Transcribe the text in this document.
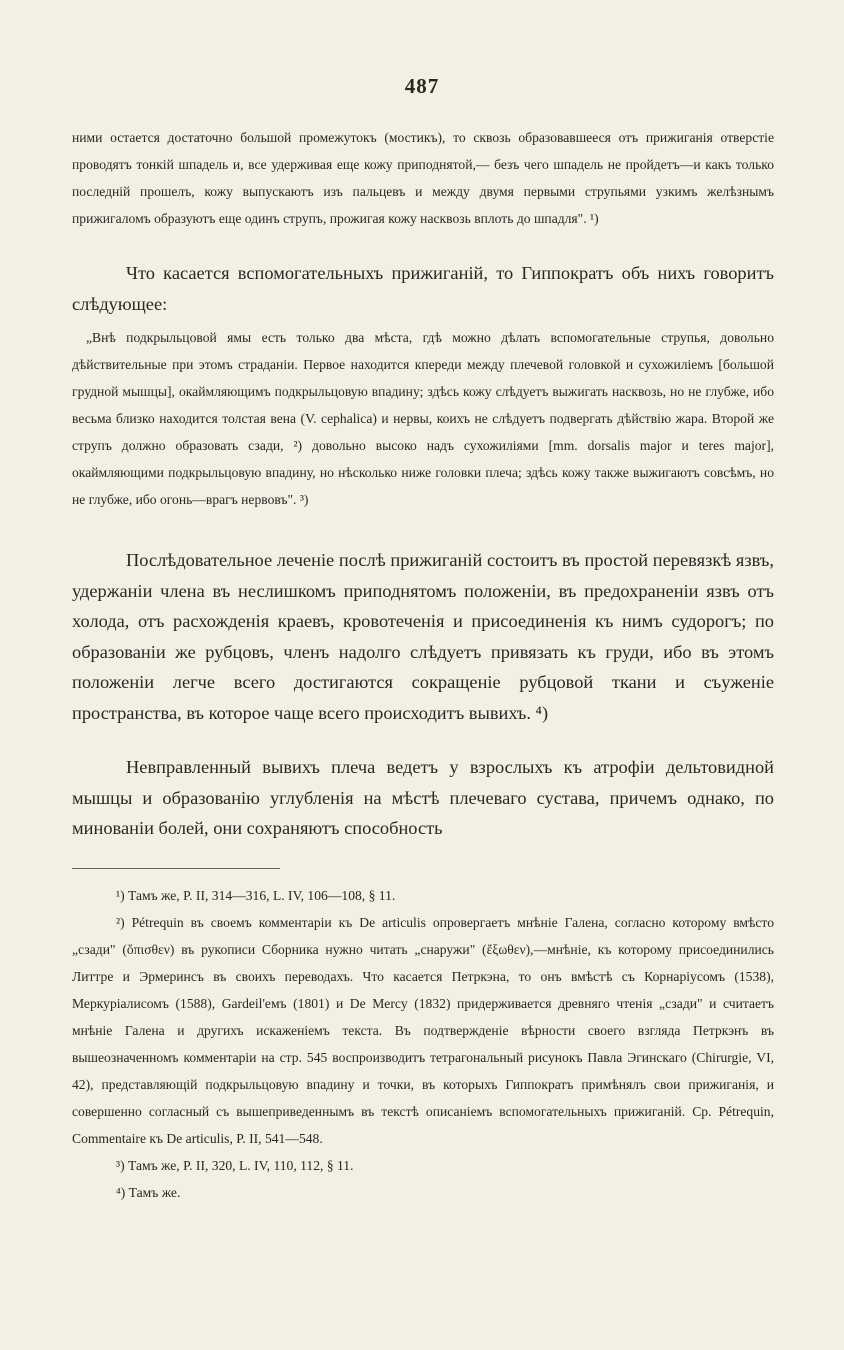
487

ними остается достаточно большой промежутокъ (мостикъ), то сквозь образовавшееся отъ прижиганія отверстіе проводятъ тонкій шпадель и, все удерживая еще кожу приподнятой,— безъ чего шпадель не пройдетъ—и какъ только последній прошелъ, кожу выпускаютъ изъ пальцевъ и между двумя первыми струпьями узкимъ желѣзнымъ прижигаломъ образуютъ еще одинъ струпъ, прожигая кожу насквозь вплоть до шпадля". ¹)

Что касается вспомогательныхъ прижиганій, то Гиппократъ объ нихъ говоритъ слѣдующее:

„Внѣ подкрыльцовой ямы есть только два мѣста, гдѣ можно дѣлать вспомогательные струпья, довольно дѣйствительные при этомъ страданіи. Первое находится кпереди между плечевой головкой и сухожиліемъ [большой грудной мышцы], окаймляющимъ подкрыльцовую впадину; здѣсь кожу слѣдуетъ выжигать насквозь, но не глубже, ибо весьма близко находится толстая вена (V. cephalica) и нервы, коихъ не слѣдуетъ подвергать дѣйствію жара. Второй же струпъ должно образовать сзади, ²) довольно высоко надъ сухожиліями [mm. dorsalis major и teres major], окаймляющими подкрыльцовую впадину, но нѣсколько ниже головки плеча; здѣсь кожу также выжигаютъ совсѣмъ, но не глубже, ибо огонь—врагъ нервовъ". ³)

Послѣдовательное леченіе послѣ прижиганій состоитъ въ простой перевязкѣ язвъ, удержаніи члена въ неслишкомъ приподнятомъ положеніи, въ предохраненіи язвъ отъ холода, отъ расхожденія краевъ, кровотеченія и присоединенія къ нимъ судорогъ; по образованіи же рубцовъ, членъ надолго слѣдуетъ привязать къ груди, ибо въ этомъ положеніи легче всего достигаются сокращеніе рубцовой ткани и съуженіе пространства, въ которое чаще всего происходитъ вывихъ. ⁴)

Невправленный вывихъ плеча ведетъ у взрослыхъ къ атрофіи дельтовидной мышцы и образованію углубленія на мѣстѣ плечеваго сустава, причемъ однако, по минованіи болей, они сохраняютъ способность

¹) Тамъ же, P. II, 314—316, L. IV, 106—108, § 11.

²) Pétrequin въ своемъ комментаріи къ De articulis опровергаетъ мнѣніе Галена, согласно которому вмѣсто „сзади" (ὄπισθεν) въ рукописи Сборника нужно читать „снаружи" (ἔξωθεν),—мнѣніе, къ которому присоединились Литтре и Эрмеринсъ въ своихъ переводахъ. Что касается Петркэна, то онъ вмѣстѣ съ Корнаріусомъ (1538), Меркуріалисомъ (1588), Gardeil'емъ (1801) и De Mercy (1832) придерживается древняго чтенія „сзади" и считаетъ мнѣніе Галена и другихъ искаженіемъ текста. Въ подтвержденіе вѣрности своего взгляда Петркэнъ въ вышеозначенномъ комментаріи на стр. 545 воспроизводитъ тетрагональный рисунокъ Павла Эгинскаго (Chirurgie, VI, 42), представляющій подкрыльцовую впадину и точки, въ которыхъ Гиппократъ примѣнялъ свои прижиганія, и совершенно согласный съ вышеприведеннымъ въ текстѣ описаніемъ вспомогательныхъ прижиганій. Ср. Pétrequin, Commentaire къ De articulis, P. II, 541—548.

³) Тамъ же, P. II, 320, L. IV, 110, 112, § 11.

⁴) Тамъ же.
